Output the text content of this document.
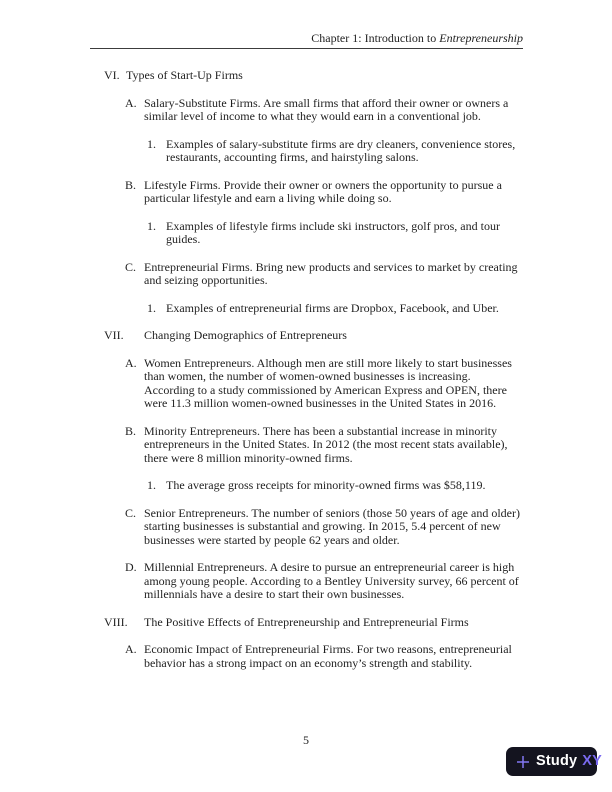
Chapter 1: Introduction to Entrepreneurship
VI. Types of Start-Up Firms
A. Salary-Substitute Firms. Are small firms that afford their owner or owners a similar level of income to what they would earn in a conventional job.
1. Examples of salary-substitute firms are dry cleaners, convenience stores, restaurants, accounting firms, and hairstyling salons.
B. Lifestyle Firms. Provide their owner or owners the opportunity to pursue a particular lifestyle and earn a living while doing so.
1. Examples of lifestyle firms include ski instructors, golf pros, and tour guides.
C. Entrepreneurial Firms. Bring new products and services to market by creating and seizing opportunities.
1. Examples of entrepreneurial firms are Dropbox, Facebook, and Uber.
VII.	Changing Demographics of Entrepreneurs
A. Women Entrepreneurs. Although men are still more likely to start businesses than women, the number of women-owned businesses is increasing. According to a study commissioned by American Express and OPEN, there were 11.3 million women-owned businesses in the United States in 2016.
B. Minority Entrepreneurs. There has been a substantial increase in minority entrepreneurs in the United States. In 2012 (the most recent stats available), there were 8 million minority-owned firms.
1. The average gross receipts for minority-owned firms was $58,119.
C. Senior Entrepreneurs. The number of seniors (those 50 years of age and older) starting businesses is substantial and growing. In 2015, 5.4 percent of new businesses were started by people 62 years and older.
D. Millennial Entrepreneurs. A desire to pursue an entrepreneurial career is high among young people. According to a Bentley University survey, 66 percent of millennials have a desire to start their own businesses.
VIII.	The Positive Effects of Entrepreneurship and Entrepreneurial Firms
A. Economic Impact of Entrepreneurial Firms. For two reasons, entrepreneurial behavior has a strong impact on an economy’s strength and stability.
5
Study XY
